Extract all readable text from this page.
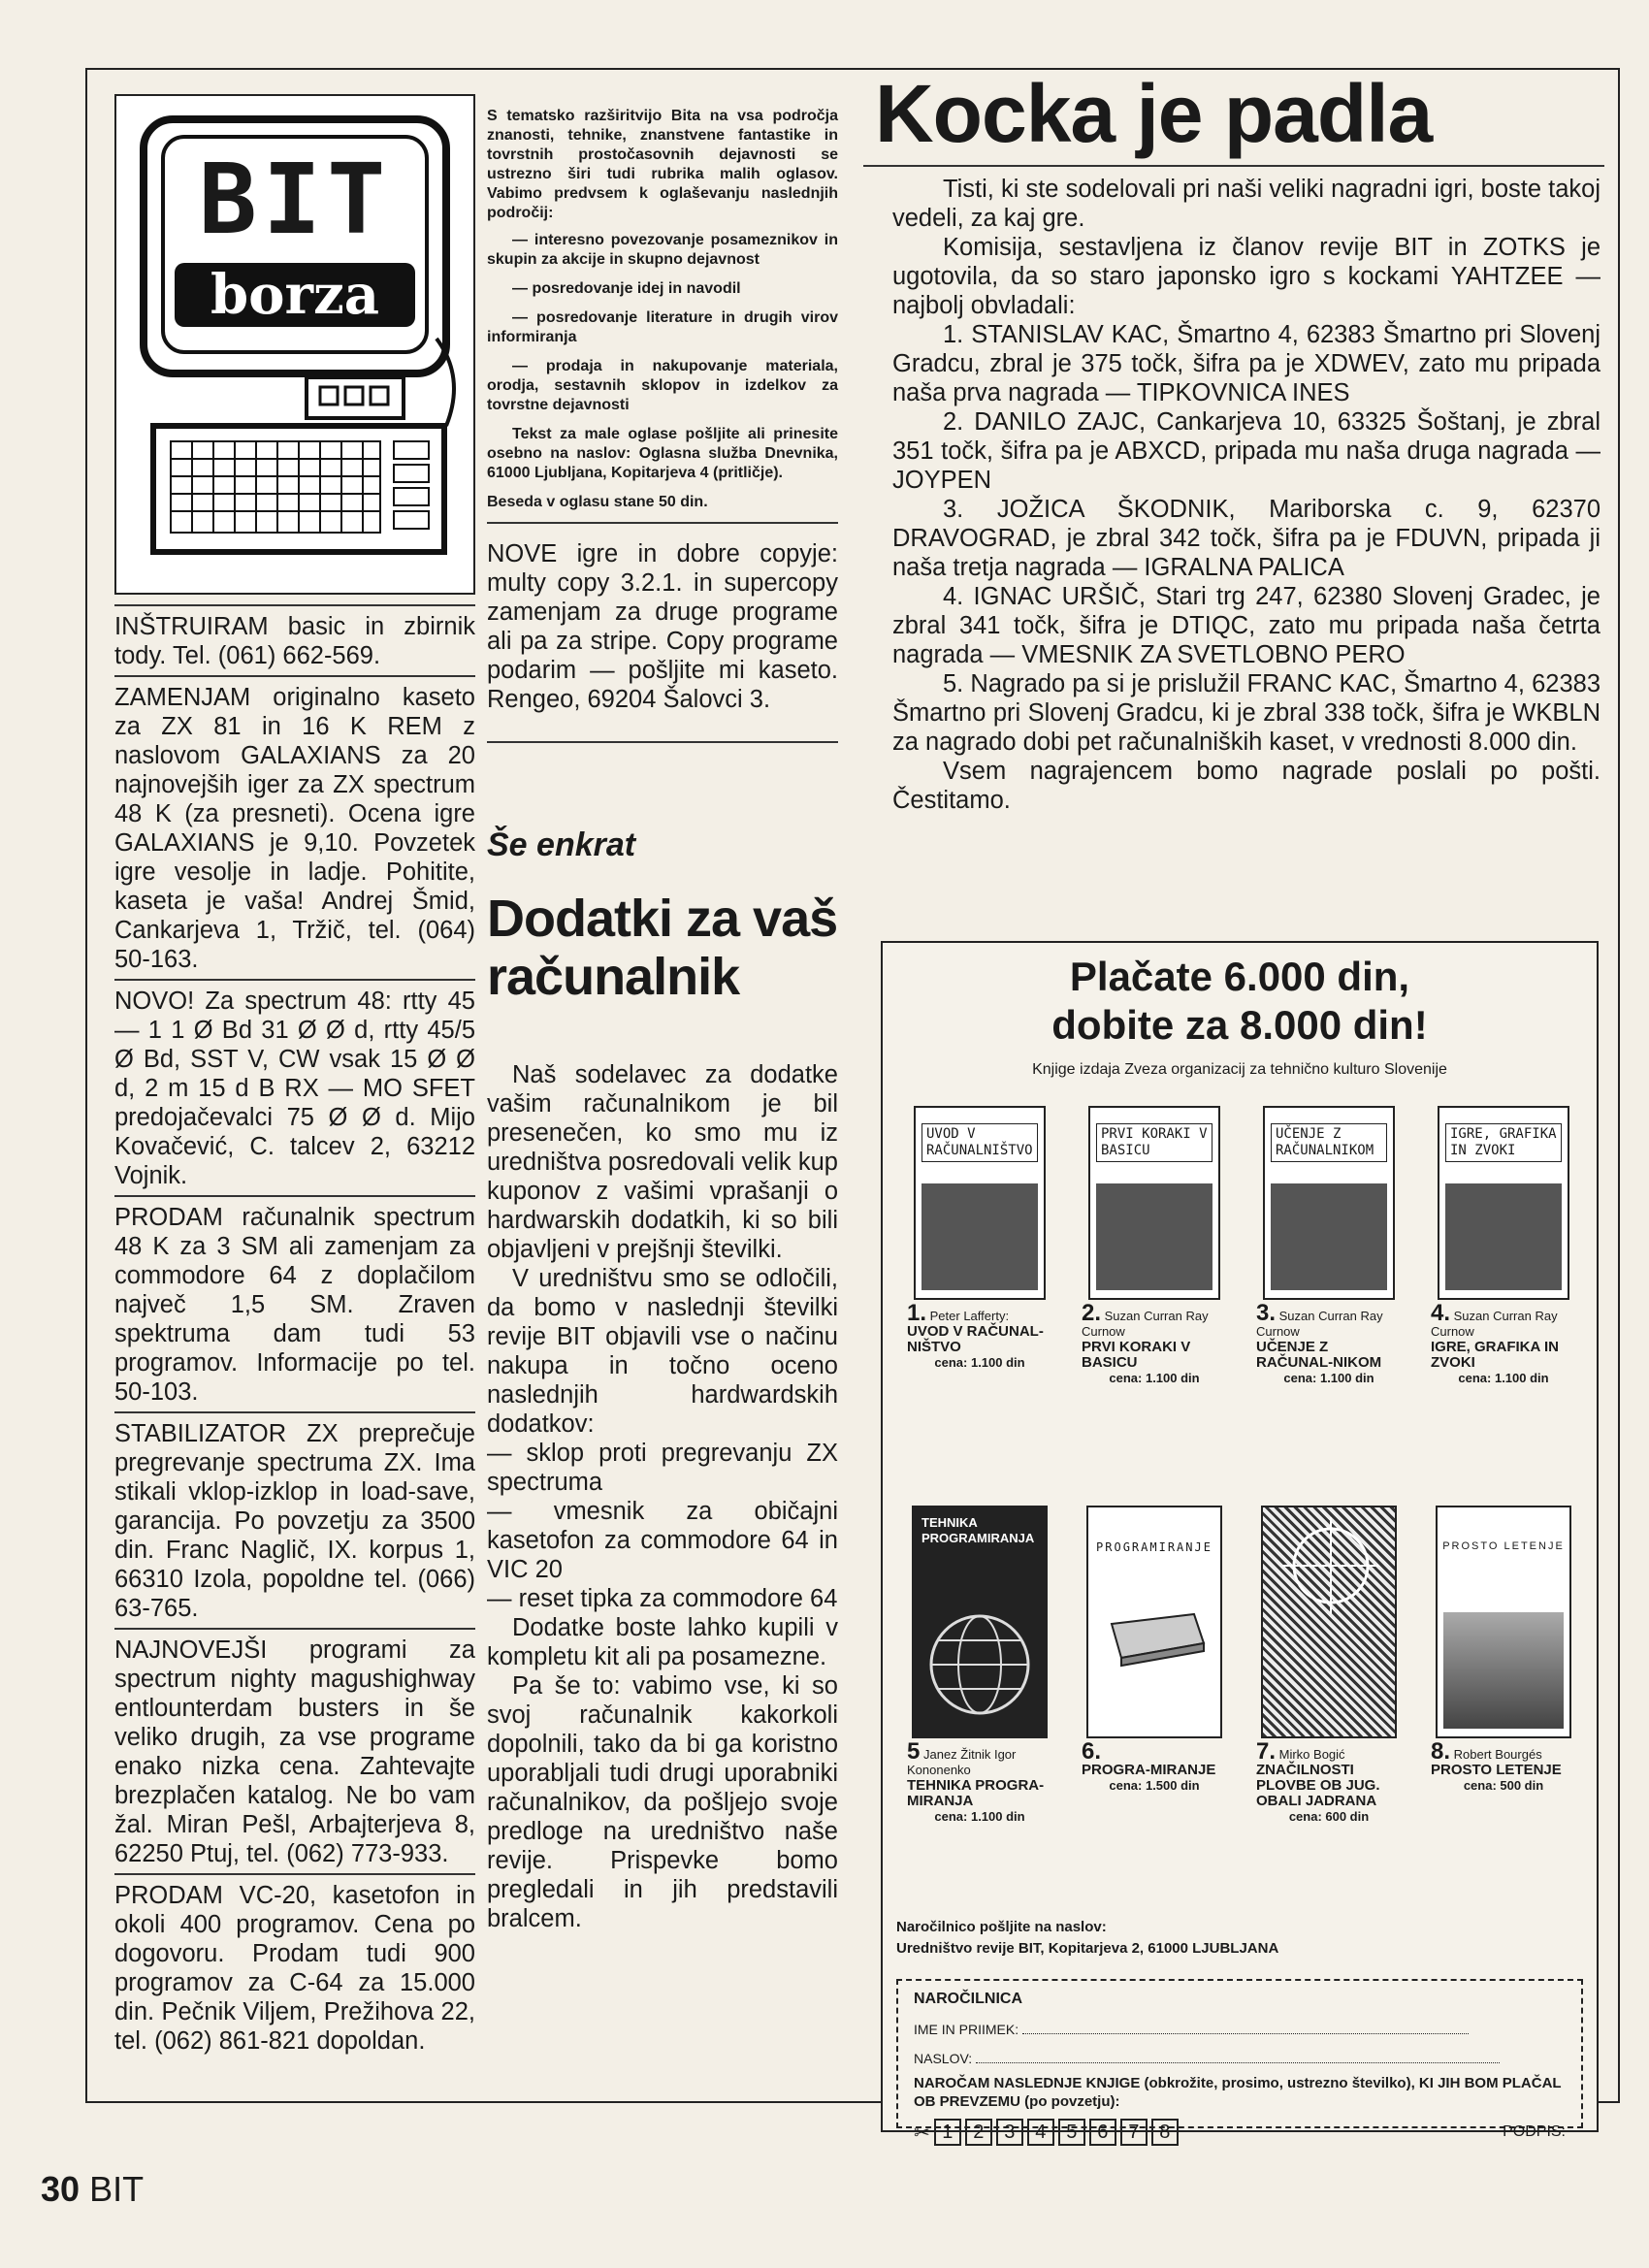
BIT
borza
INŠTRUIRAM basic in zbirnik tody. Tel. (061) 662-569.
ZAMENJAM originalno kaseto za ZX 81 in 16 K REM z naslovom GALAXIANS za 20 najnovejših iger za ZX spectrum 48 K (za presneti). Ocena igre GALAXIANS je 9,10. Povzetek igre vesolje in ladje. Pohitite, kaseta je vaša! Andrej Šmid, Cankarjeva 1, Tržič, tel. (064) 50-163.
NOVO! Za spectrum 48: rtty 45 — 1 1 Ø Bd 31 Ø Ø d, rtty 45/5 Ø Bd, SST V, CW vsak 15 Ø Ø d, 2 m 15 d B RX — MO SFET predojačevalci 75 Ø Ø d. Mijo Kovačević, C. talcev 2, 63212 Vojnik.
PRODAM računalnik spectrum 48 K za 3 SM ali zamenjam za commodore 64 z doplačilom največ 1,5 SM. Zraven spektruma dam tudi 53 programov. Informacije po tel. 50-103.
STABILIZATOR ZX preprečuje pregrevanje spectruma ZX. Ima stikali vklop-izklop in load-save, garancija. Po povzetju za 3500 din. Franc Naglič, IX. korpus 1, 66310 Izola, popoldne tel. (066) 63-765.
NAJNOVEJŠI programi za spectrum nighty magushighway entlounterdam busters in še veliko drugih, za vse programe enako nizka cena. Zahtevajte brezplačen katalog. Ne bo vam žal. Miran Pešl, Arbajterjeva 8, 62250 Ptuj, tel. (062) 773-933.
PRODAM VC-20, kasetofon in okoli 400 programov. Cena po dogovoru. Prodam tudi 900 programov za C-64 za 15.000 din. Pečnik Viljem, Prežihova 22, tel. (062) 861-821 dopoldan.

S tematsko razširitvijo Bita na vsa področja znanosti, tehnike, znanstvene fantastike in tovrstnih prostočasovnih dejavnosti se ustrezno širi tudi rubrika malih oglasov. Vabimo predvsem k oglaševanju naslednjih področij:

— interesno povezovanje posameznikov in skupin za akcije in skupno dejavnost

— posredovanje idej in navodil

— posredovanje literature in drugih virov informiranja

— prodaja in nakupovanje materiala, orodja, sestavnih sklopov in izdelkov za tovrstne dejavnosti

Tekst za male oglase pošljite ali prinesite osebno na naslov: Oglasna služba Dnevnika, 61000 Ljubljana, Kopitarjeva 4 (pritličje).

Beseda v oglasu stane 50 din.

NOVE igre in dobre copyje: multy copy 3.2.1. in supercopy zamenjam za druge programe ali pa za stripe. Copy programe podarim — pošljite mi kaseto. Rengeo, 69204 Šalovci 3.
Še enkrat
Dodatki za vaš računalnik

Naš sodelavec za dodatke vašim računalnikom je bil presenečen, ko smo mu iz uredništva posredovali velik kup kuponov z vašimi vprašanji o hardwarskih dodatkih, ki so bili objavljeni v prejšnji številki.

V uredništvu smo se odločili, da bomo v naslednji številki revije BIT objavili vse o načinu nakupa in točno oceno naslednjih hardwardskih dodatkov:

— sklop proti pregrevanju ZX spectruma

— vmesnik za običajni kasetofon za commodore 64 in VIC 20

— reset tipka za commodore 64

Dodatke boste lahko kupili v kompletu kit ali pa posamezne.

Pa še to: vabimo vse, ki so svoj računalnik kakorkoli dopolnili, tako da bi ga koristno uporabljali tudi drugi uporabniki računalnikov, da pošljejo svoje predloge na uredništvo naše revije. Prispevke bomo pregledali in jih predstavili bralcem.

Kocka je padla

Tisti, ki ste sodelovali pri naši veliki nagradni igri, boste takoj vedeli, za kaj gre.

Komisija, sestavljena iz članov revije BIT in ZOTKS je ugotovila, da so staro japonsko igro s kockami YAHTZEE — najbolj obvladali:

1. STANISLAV KAC, Šmartno 4, 62383 Šmartno pri Slovenj Gradcu, zbral je 375 točk, šifra pa je XDWEV, zato mu pripada naša prva nagrada — TIPKOVNICA INES

2. DANILO ZAJC, Cankarjeva 10, 63325 Šoštanj, je zbral 351 točk, šifra pa je ABXCD, pripada mu naša druga nagrada — JOYPEN

3. JOŽICA ŠKODNIK, Mariborska c. 9, 62370 DRAVOGRAD, je zbral 342 točk, šifra pa je FDUVN, pripada ji naša tretja nagrada — IGRALNA PALICA

4. IGNAC URŠIČ, Stari trg 247, 62380 Slovenj Gradec, je zbral 341 točk, šifra je DTIQC, zato mu pripada naša četrta nagrada — VMESNIK ZA SVETLOBNO PERO

5. Nagrado pa si je prislužil FRANC KAC, Šmartno 4, 62383 Šmartno pri Slovenj Gradcu, ki je zbral 338 točk, šifra je WKBLN za nagrado dobi pet računalniških kaset, v vrednosti 8.000 din.

Vsem nagrajencem bomo nagrade poslali po pošti. Čestitamo.

Plačate 6.000 din,
dobite za 8.000 din!
Knjige izdaja Zveza organizacij za tehnično kulturo Slovenije
UVOD V RAČUNALNIŠTVO
1. Peter Lafferty:
UVOD V RAČUNAL-NIŠTVO
cena: 1.100 din
PRVI KORAKI V BASICU
2. Suzan Curran Ray Curnow
PRVI KORAKI V BASICU
cena: 1.100 din
UČENJE Z RAČUNALNIKOM
3. Suzan Curran Ray Curnow
UČENJE Z RAČUNAL-NIKOM
cena: 1.100 din
IGRE, GRAFIKA IN ZVOKI
4. Suzan Curran Ray Curnow
IGRE, GRAFIKA IN ZVOKI
cena: 1.100 din
TEHNIKA PROGRAMIRANJA
5 Janez Žitnik Igor Kononenko
TEHNIKA PROGRA-MIRANJA
cena: 1.100 din
PROGRAMIRANJE
6.
PROGRA-MIRANJE
cena: 1.500 din
7. Mirko Bogić
ZNAČILNOSTI PLOVBE OB JUG. OBALI JADRANA
cena: 600 din
PROSTO LETENJE
8. Robert Bourgés
PROSTO LETENJE
cena: 500 din
Naročilnico pošljite na naslov:
Uredništvo revije BIT, Kopitarjeva 2, 61000 LJUBLJANA
NAROČILNICA
IME IN PRIIMEK:
NASLOV:
NAROČAM NASLEDNJE KNJIGE (obkrožite, prosimo, ustrezno številko), KI JIH BOM PLAČAL OB PREVZEMU (po povzetju):
✂ 1	2	3	4	5	6	7	8	PODPIS:
30 BIT
